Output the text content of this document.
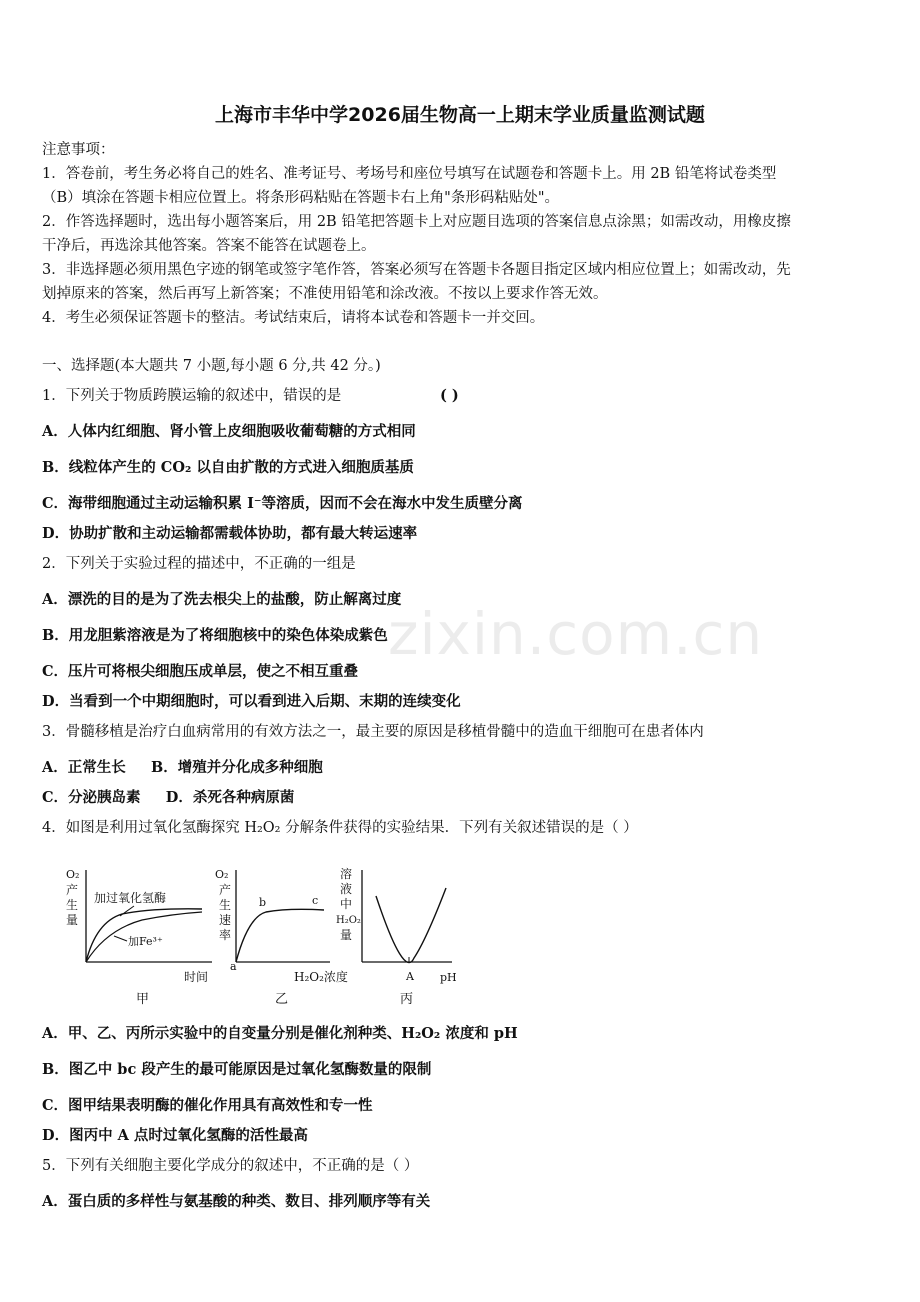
zixin.com.cn
上海市丰华中学2026届生物高一上期末学业质量监测试题
注意事项：
1．答卷前，考生务必将自己的姓名、准考证号、考场号和座位号填写在试题卷和答题卡上。用 2B 铅笔将试卷类型
（B）填涂在答题卡相应位置上。将条形码粘贴在答题卡右上角"条形码粘贴处"。
2．作答选择题时，选出每小题答案后，用 2B 铅笔把答题卡上对应题目选项的答案信息点涂黑；如需改动，用橡皮擦
干净后，再选涂其他答案。答案不能答在试题卷上。
3．非选择题必须用黑色字迹的钢笔或签字笔作答，答案必须写在答题卡各题目指定区域内相应位置上；如需改动，先
划掉原来的答案，然后再写上新答案；不准使用铅笔和涂改液。不按以上要求作答无效。
4．考生必须保证答题卡的整洁。考试结束后，请将本试卷和答题卡一并交回。
一、选择题(本大题共 7 小题,每小题 6 分,共 42 分。)
1．下列关于物质跨膜运输的叙述中，错误的是	( )
A．人体内红细胞、肾小管上皮细胞吸收葡萄糖的方式相同
B．线粒体产生的 CO₂ 以自由扩散的方式进入细胞质基质
C．海带细胞通过主动运输积累 I⁻等溶质，因而不会在海水中发生质壁分离
D．协助扩散和主动运输都需载体协助，都有最大转运速率
2．下列关于实验过程的描述中，不正确的一组是
A．漂洗的目的是为了洗去根尖上的盐酸，防止解离过度
B．用龙胆紫溶液是为了将细胞核中的染色体染成紫色
C．压片可将根尖细胞压成单层，使之不相互重叠
D．当看到一个中期细胞时，可以看到进入后期、末期的连续变化
3．骨髓移植是治疗白血病常用的有效方法之一，最主要的原因是移植骨髓中的造血干细胞可在患者体内
A．正常生长     B．增殖并分化成多种细胞
C．分泌胰岛素     D．杀死各种病原菌
4．如图是利用过氧化氢酶探究 H₂O₂ 分解条件获得的实验结果．下列有关叙述错误的是（ ）
O₂
产
生
量
加过氧化氢酶
加Fe³⁺
时间
甲
O₂
产
生
速
率
a
b	c
H₂O₂浓度
乙
溶
液
中
H₂O₂
量
A pH
丙
A．甲、乙、丙所示实验中的自变量分别是催化剂种类、H₂O₂ 浓度和 pH
B．图乙中 bc 段产生的最可能原因是过氧化氢酶数量的限制
C．图甲结果表明酶的催化作用具有高效性和专一性
D．图丙中 A 点时过氧化氢酶的活性最高
5．下列有关细胞主要化学成分的叙述中，不正确的是（ ）
A．蛋白质的多样性与氨基酸的种类、数目、排列顺序等有关
